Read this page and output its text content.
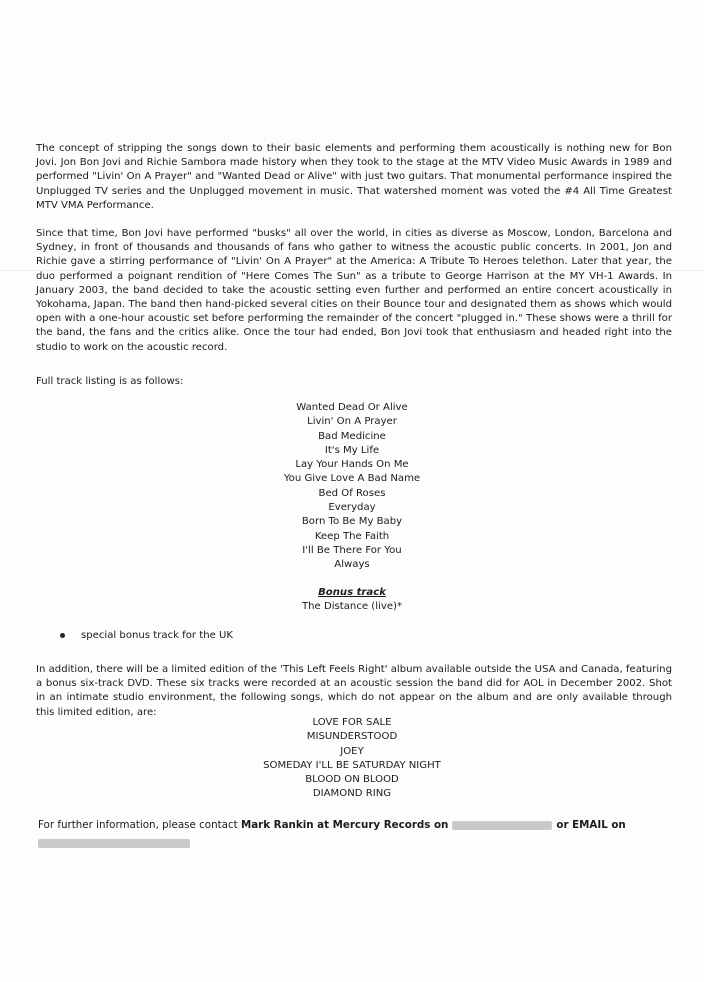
The concept of stripping the songs down to their basic elements and performing them acoustically is nothing new for Bon Jovi. Jon Bon Jovi and Richie Sambora made history when they took to the stage at the MTV Video Music Awards in 1989 and performed "Livin' On A Prayer" and "Wanted Dead or Alive" with just two guitars. That monumental performance inspired the Unplugged TV series and the Unplugged movement in music. That watershed moment was voted the #4 All Time Greatest MTV VMA Performance.

Since that time, Bon Jovi have performed "busks" all over the world, in cities as diverse as Moscow, London, Barcelona and Sydney, in front of thousands and thousands of fans who gather to witness the acoustic public concerts. In 2001, Jon and Richie gave a stirring performance of "Livin' On A Prayer" at the America: A Tribute To Heroes telethon. Later that year, the duo performed a poignant rendition of "Here Comes The Sun" as a tribute to George Harrison at the MY VH-1 Awards. In January 2003, the band decided to take the acoustic setting even further and performed an entire concert acoustically in Yokohama, Japan. The band then hand-picked several cities on their Bounce tour and designated them as shows which would open with a one-hour acoustic set before performing the remainder of the concert "plugged in." These shows were a thrill for the band, the fans and the critics alike. Once the tour had ended, Bon Jovi took that enthusiasm and headed right into the studio to work on the acoustic record.

Full track listing is as follows:

Wanted Dead Or Alive
Livin' On A Prayer
Bad Medicine
It's My Life
Lay Your Hands On Me
You Give Love A Bad Name
Bed Of Roses
Everyday
Born To Be My Baby
Keep The Faith
I'll Be There For You
Always
Bonus track
The Distance (live)*
special bonus track for the UK

In addition, there will be a limited edition of the 'This Left Feels Right' album available outside the USA and Canada, featuring a bonus six-track DVD. These six tracks were recorded at an acoustic session the band did for AOL in December 2002. Shot in an intimate studio environment, the following songs, which do not appear on the album and are only available through this limited edition, are:

LOVE FOR SALE
MISUNDERSTOOD
JOEY
SOMEDAY I'LL BE SATURDAY NIGHT
BLOOD ON BLOOD
DIAMOND RING
For further information, please contact Mark Rankin at Mercury Records on	or EMAIL on
